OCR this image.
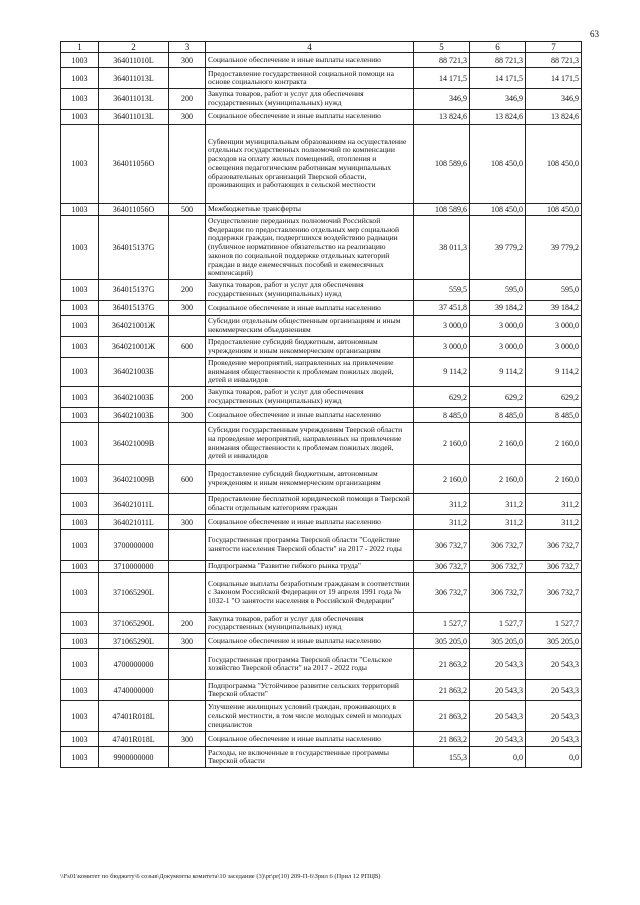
63
1	2	3	4	5	6	7
1003	364011010L	300	Социальное обеспечение и иные выплаты населению	88 721,3	88 721,3	88 721,3
1003	364011013L		Предоставление государственной социальной помощи на основе социального контракта	14 171,5	14 171,5	14 171,5
1003	364011013L	200	Закупка товаров, работ и услуг для обеспечения государственных (муниципальных) нужд	346,9	346,9	346,9
1003	364011013L	300	Социальное обеспечение и иные выплаты населению	13 824,6	13 824,6	13 824,6
1003	364011056O		Субвенции муниципальным образованиям на осуществление отдельных государственных полномочий по компенсации расходов на оплату жилых помещений, отопления и освещения педагогическим работникам муниципальных образовательных организаций Тверской области, проживающих и работающих в сельской местности	108 589,6	108 450,0	108 450,0
1003	364011056O	500	Межбюджетные трансферты	108 589,6	108 450,0	108 450,0
1003	364015137G		Осуществление переданных полномочий Российской Федерации по предоставлению отдельных мер социальной поддержки граждан, подвергшихся воздействию радиации (публичное нормативное обязательство на реализацию законов по социальной поддержке отдельных категорий граждан в виде ежемесячных пособий и ежемесячных компенсаций)	38 011,3	39 779,2	39 779,2
1003	364015137G	200	Закупка товаров, работ и услуг для обеспечения государственных (муниципальных) нужд	559,5	595,0	595,0
1003	364015137G	300	Социальное обеспечение и иные выплаты населению	37 451,8	39 184,2	39 184,2
1003	364021001Ж		Субсидии отдельным общественным организациям и иным некоммерческим объединениям	3 000,0	3 000,0	3 000,0
1003	364021001Ж	600	Предоставление субсидий бюджетным, автономным учреждениям и иным некоммерческим организациям	3 000,0	3 000,0	3 000,0
1003	364021003Б		Проведение мероприятий, направленных на привлечение внимания общественности к проблемам пожилых людей, детей и инвалидов	9 114,2	9 114,2	9 114,2
1003	364021003Б	200	Закупка товаров, работ и услуг для обеспечения государственных (муниципальных) нужд	629,2	629,2	629,2
1003	364021003Б	300	Социальное обеспечение и иные выплаты населению	8 485,0	8 485,0	8 485,0
1003	364021009В		Субсидии государственным учреждениям Тверской области на проведение мероприятий, направленных на привлечение внимания общественности к проблемам пожилых людей, детей и инвалидов	2 160,0	2 160,0	2 160,0
1003	364021009В	600	Предоставление субсидий бюджетным, автономным учреждениям и иным некоммерческим организациям	2 160,0	2 160,0	2 160,0
1003	364021011L		Предоставление бесплатной юридической помощи в Тверской области отдельным категориям граждан	311,2	311,2	311,2
1003	364021011L	300	Социальное обеспечение и иные выплаты населению	311,2	311,2	311,2
1003	3700000000		Государственная программа Тверской области "Содействие занятости населения Тверской области" на 2017 - 2022 годы	306 732,7	306 732,7	306 732,7
1003	3710000000		Подпрограмма "Развитие гибкого рынка труда"	306 732,7	306 732,7	306 732,7
1003	371065290L		Социальные выплаты безработным гражданам в соответствии с Законом Российской Федерации от 19 апреля 1991 года № 1032-1 "О занятости населения в Российской Федерации"	306 732,7	306 732,7	306 732,7
1003	371065290L	200	Закупка товаров, работ и услуг для обеспечения государственных (муниципальных) нужд	1 527,7	1 527,7	1 527,7
1003	371065290L	300	Социальное обеспечение и иные выплаты населению	305 205,0	305 205,0	305 205,0
1003	4700000000		Государственная программа Тверской области "Сельское хозяйство Тверской области" на 2017 - 2022 годы	21 863,2	20 543,3	20 543,3
1003	4740000000		Подпрограмма "Устойчивое развитие сельских территорий Тверской области"	21 863,2	20 543,3	20 543,3
1003	47401R018L		Улучшение жилищных условий граждан, проживающих в сельской местности, в том числе молодых семей и молодых специалистов	21 863,2	20 543,3	20 543,3
1003	47401R018L	300	Социальное обеспечение и иные выплаты населению	21 863,2	20 543,3	20 543,3
1003	9900000000		Расходы, не включенные в государственные программы Тверской области	155,3	0,0	0,0
\\Fs01\комитет по бюджету\6 созыв\Документы комитета\10 заседание (3)\pr\pr(10) 209-П-6\Зрил 6 (Прил 12 РПЦВ)
